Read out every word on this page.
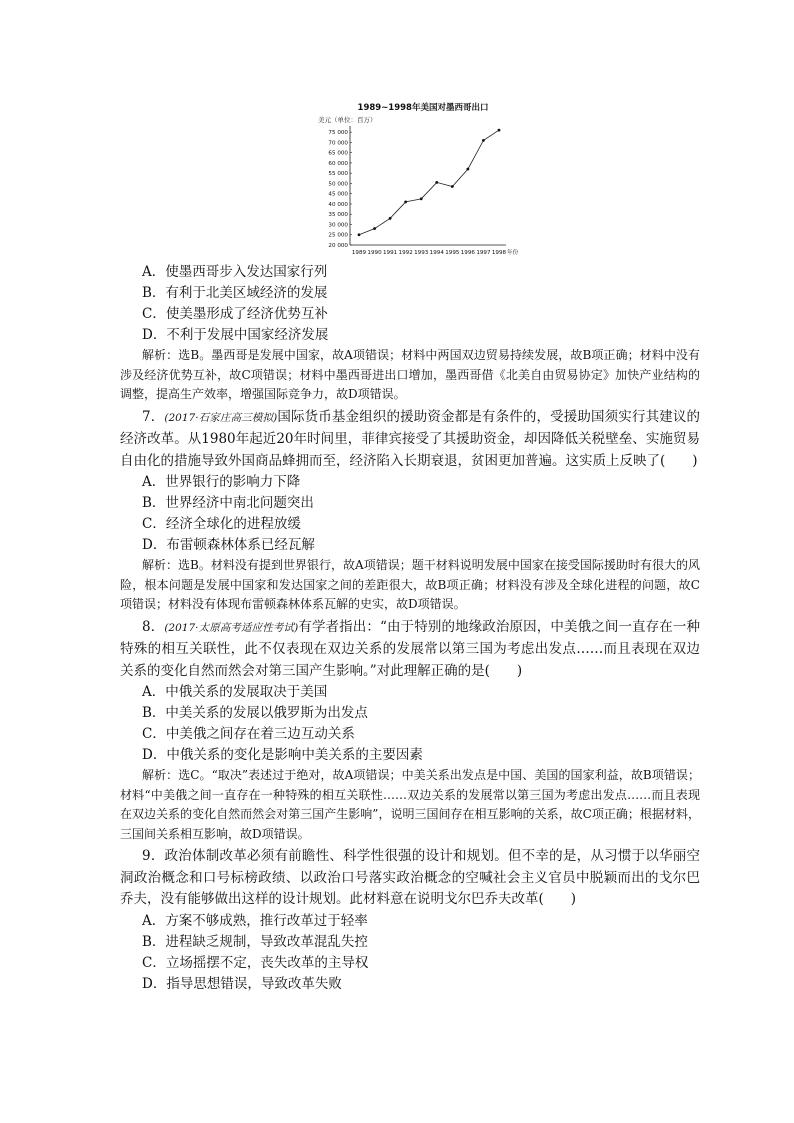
1989~1998年美国对墨西哥出口
美元（单位：百万）
20 000
25 000
30 000
35 000
40 000
45 000
50 000
55 000
60 000
65 000
70 000
75 000
1989 1990 1991 1992 1993 1994 1995 1996 1997 1998 年份
A．使墨西哥步入发达国家行列
B．有利于北美区域经济的发展
C．使美墨形成了经济优势互补
D．不利于发展中国家经济发展
解析：选B。墨西哥是发展中国家，故A项错误；材料中两国双边贸易持续发展，故B项正确；材料中没有涉及经济优势互补，故C项错误；材料中墨西哥进出口增加，墨西哥借《北美自由贸易协定》加快产业结构的调整，提高生产效率，增强国际竞争力，故D项错误。
7．(2017·石家庄高三模拟)国际货币基金组织的援助资金都是有条件的，受援助国须实行其建议的经济改革。从1980年起近20年时间里，菲律宾接受了其援助资金，却因降低关税壁垒、实施贸易自由化的措施导致外国商品蜂拥而至，经济陷入长期衰退，贫困更加普遍。这实质上反映了(　　)
A．世界银行的影响力下降
B．世界经济中南北问题突出
C．经济全球化的进程放缓
D．布雷顿森林体系已经瓦解
解析：选B。材料没有提到世界银行，故A项错误；题干材料说明发展中国家在接受国际援助时有很大的风险，根本问题是发展中国家和发达国家之间的差距很大，故B项正确；材料没有涉及全球化进程的问题，故C项错误；材料没有体现布雷顿森林体系瓦解的史实，故D项错误。
8．(2017·太原高考适应性考试)有学者指出：“由于特别的地缘政治原因，中美俄之间一直存在一种特殊的相互关联性，此不仅表现在双边关系的发展常以第三国为考虑出发点……而且表现在双边关系的变化自然而然会对第三国产生影响。”对此理解正确的是(　　)
A．中俄关系的发展取决于美国
B．中美关系的发展以俄罗斯为出发点
C．中美俄之间存在着三边互动关系
D．中俄关系的变化是影响中美关系的主要因素
解析：选C。“取决”表述过于绝对，故A项错误；中美关系出发点是中国、美国的国家利益，故B项错误；材料“中美俄之间一直存在一种特殊的相互关联性……双边关系的发展常以第三国为考虑出发点……而且表现在双边关系的变化自然而然会对第三国产生影响”，说明三国间存在相互影响的关系，故C项正确；根据材料，三国间关系相互影响，故D项错误。
9．政治体制改革必须有前瞻性、科学性很强的设计和规划。但不幸的是，从习惯于以华丽空洞政治概念和口号标榜政绩、以政治口号落实政治概念的空喊社会主义官员中脱颖而出的戈尔巴乔夫，没有能够做出这样的设计规划。此材料意在说明戈尔巴乔夫改革(　　)
A．方案不够成熟，推行改革过于轻率
B．进程缺乏规制，导致改革混乱失控
C．立场摇摆不定，丧失改革的主导权
D．指导思想错误，导致改革失败
